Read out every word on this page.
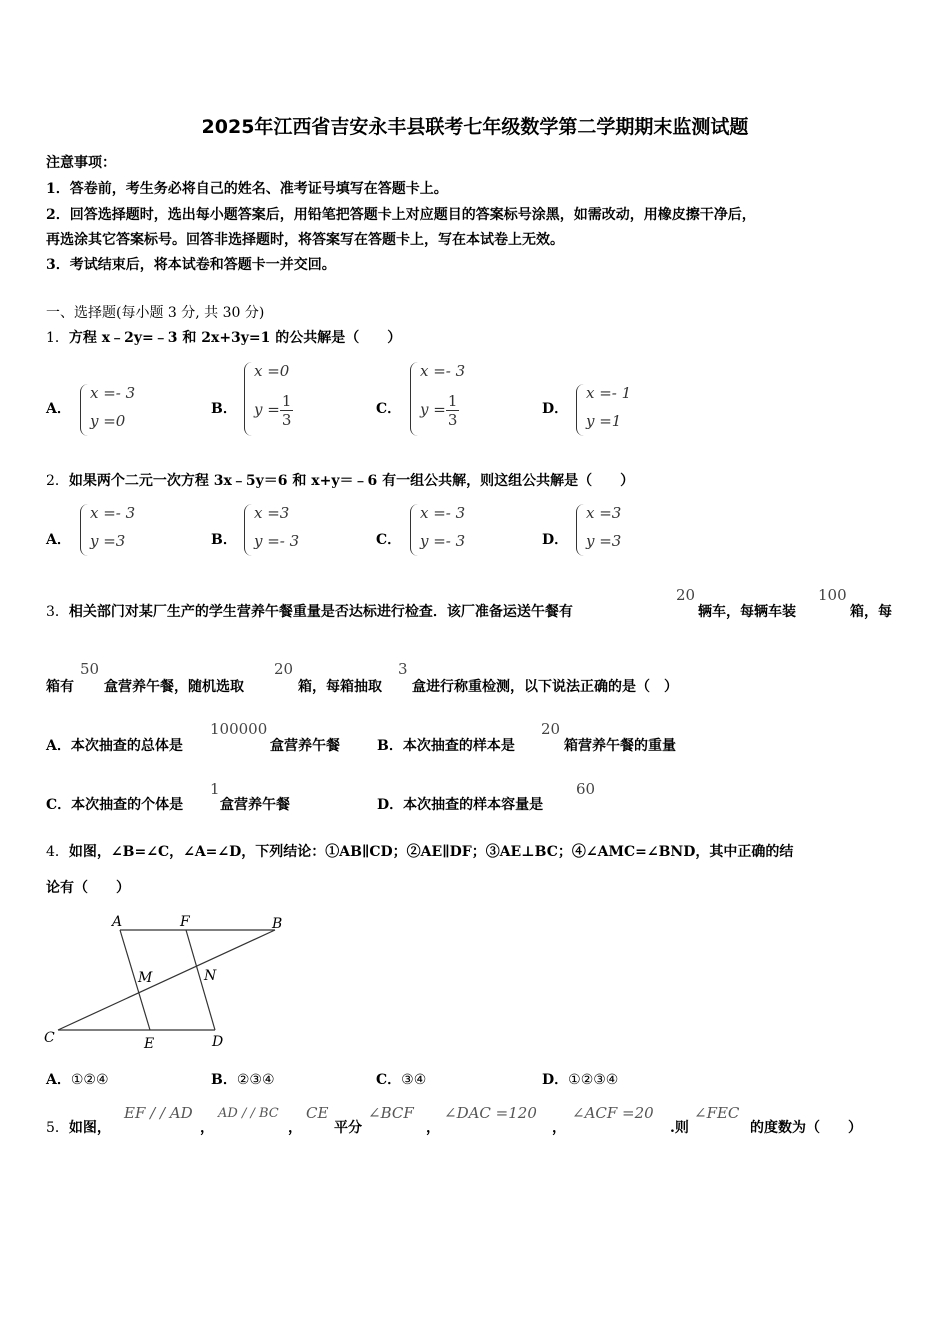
2025年江西省吉安永丰县联考七年级数学第二学期期末监测试题
注意事项：
1．答卷前，考生务必将自己的姓名、准考证号填写在答题卡上。
2．回答选择题时，选出每小题答案后，用铅笔把答题卡上对应题目的答案标号涂黑，如需改动，用橡皮擦干净后，
再选涂其它答案标号。回答非选择题时，将答案写在答题卡上，写在本试卷上无效。
3．考试结束后，将本试卷和答题卡一并交回。
一、选择题(每小题 3 分, 共 30 分)
1．方程 x﹣2y=﹣3 和 2x+3y=1 的公共解是（　　）
A．
x =- 3
y =0
B．
x =0
$y = \frac{1}{3}$	C．
x =- 3
$y = \frac{1}{3}$	D．
x =- 1
y =1
2．如果两个二元一次方程 3x﹣5y＝6 和 x+y＝﹣6 有一组公共解，则这组公共解是（　　）
A．
x =- 3
y =3	B．
x =3
y =- 3	C．
x =- 3
y =- 3	D．
x =3
y =3
3．相关部门对某厂生产的学生营养午餐重量是否达标进行检查．该厂准备运送午餐有
20
辆车，每辆车装
100
箱，每
箱有
50
盒营养午餐，随机选取
20
箱，每箱抽取
3
盒进行称重检测，以下说法正确的是（　）
A．本次抽查的总体是
100000
盒营养午餐	B．本次抽查的样本是
20
箱营养午餐的重量
C．本次抽查的个体是
1
盒营养午餐	D．本次抽查的样本容量是
60
4．如图，∠B=∠C，∠A=∠D，下列结论：①AB∥CD；②AE∥DF；③AE⊥BC；④∠AMC=∠BND，其中正确的结
论有（　　）
A	F	B
M	N
C	E	D
A．①②④	B．②③④	C．③④	D．①②③④
5．如图，
EF / / AD
，
AD / / BC
，
CE
平分
∠BCF
，
∠DAC =120
，
∠ACF =20
.则
∠FEC
的度数为（　　）
